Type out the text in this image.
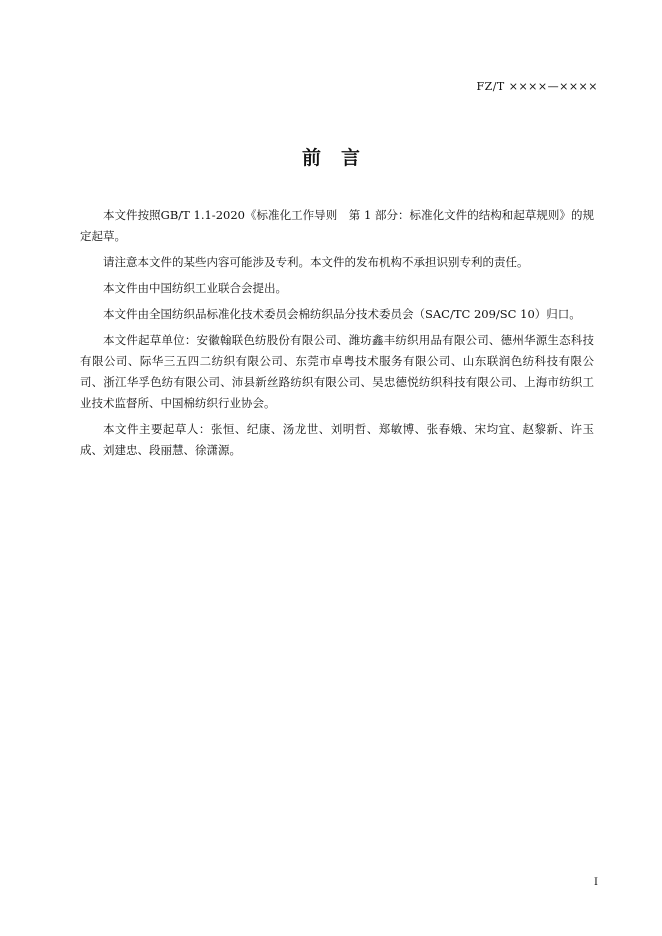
FZ/T ××××—××××
前言

本文件按照GB/T 1.1-2020《标准化工作导则　第 1 部分：标准化文件的结构和起草规则》的规定起草。

请注意本文件的某些内容可能涉及专利。本文件的发布机构不承担识别专利的责任。

本文件由中国纺织工业联合会提出。

本文件由全国纺织品标准化技术委员会棉纺织品分技术委员会（SAC/TC 209/SC 10）归口。

本文件起草单位：安徽翰联色纺股份有限公司、潍坊鑫丰纺织用品有限公司、德州华源生态科技有限公司、际华三五四二纺织有限公司、东莞市卓粤技术服务有限公司、山东联润色纺科技有限公司、浙江华孚色纺有限公司、沛县新丝路纺织有限公司、吴忠德悦纺织科技有限公司、上海市纺织工业技术监督所、中国棉纺织行业协会。

本文件主要起草人：张恒、纪康、汤龙世、刘明哲、郑敏博、张春娥、宋均宜、赵黎新、许玉成、刘建忠、段丽慧、徐潇源。

I
